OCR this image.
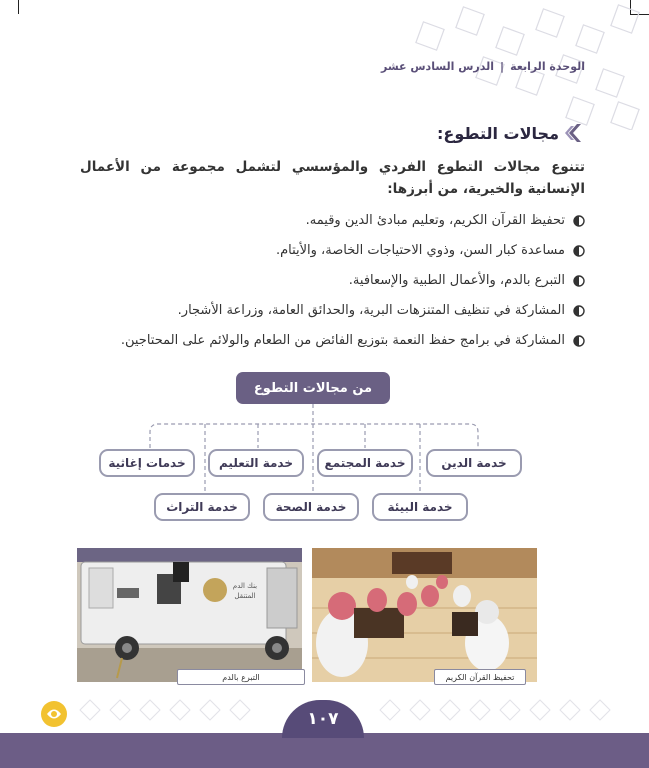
الوحدة الرابعة
|
الدرس السادس عشر
مجالات التطوع:
تتنوع مجالات التطوع الفردي والمؤسسي لتشمل مجموعة من الأعمال الإنسانية والخيرية، من أبرزها:
تحفيظ القرآن الكريم، وتعليم مبادئ الدين وقيمه.
مساعدة كبار السن، وذوي الاحتياجات الخاصة، والأيتام.
التبرع بالدم، والأعمال الطبية والإسعافية.
المشاركة في تنظيف المتنزهات البرية، والحدائق العامة، وزراعة الأشجار.
المشاركة في برامج حفظ النعمة بتوزيع الفائض من الطعام والولائم على المحتاجين.
من مجالات التطوع
خدمة الدين
خدمة المجتمع
خدمة التعليم
خدمات إغاثية
خدمة البيئة
خدمة الصحة
خدمة التراث
بنك الدم
المتنقل
التبرع بالدم	تحفيظ القرآن الكريم
١٠٧
